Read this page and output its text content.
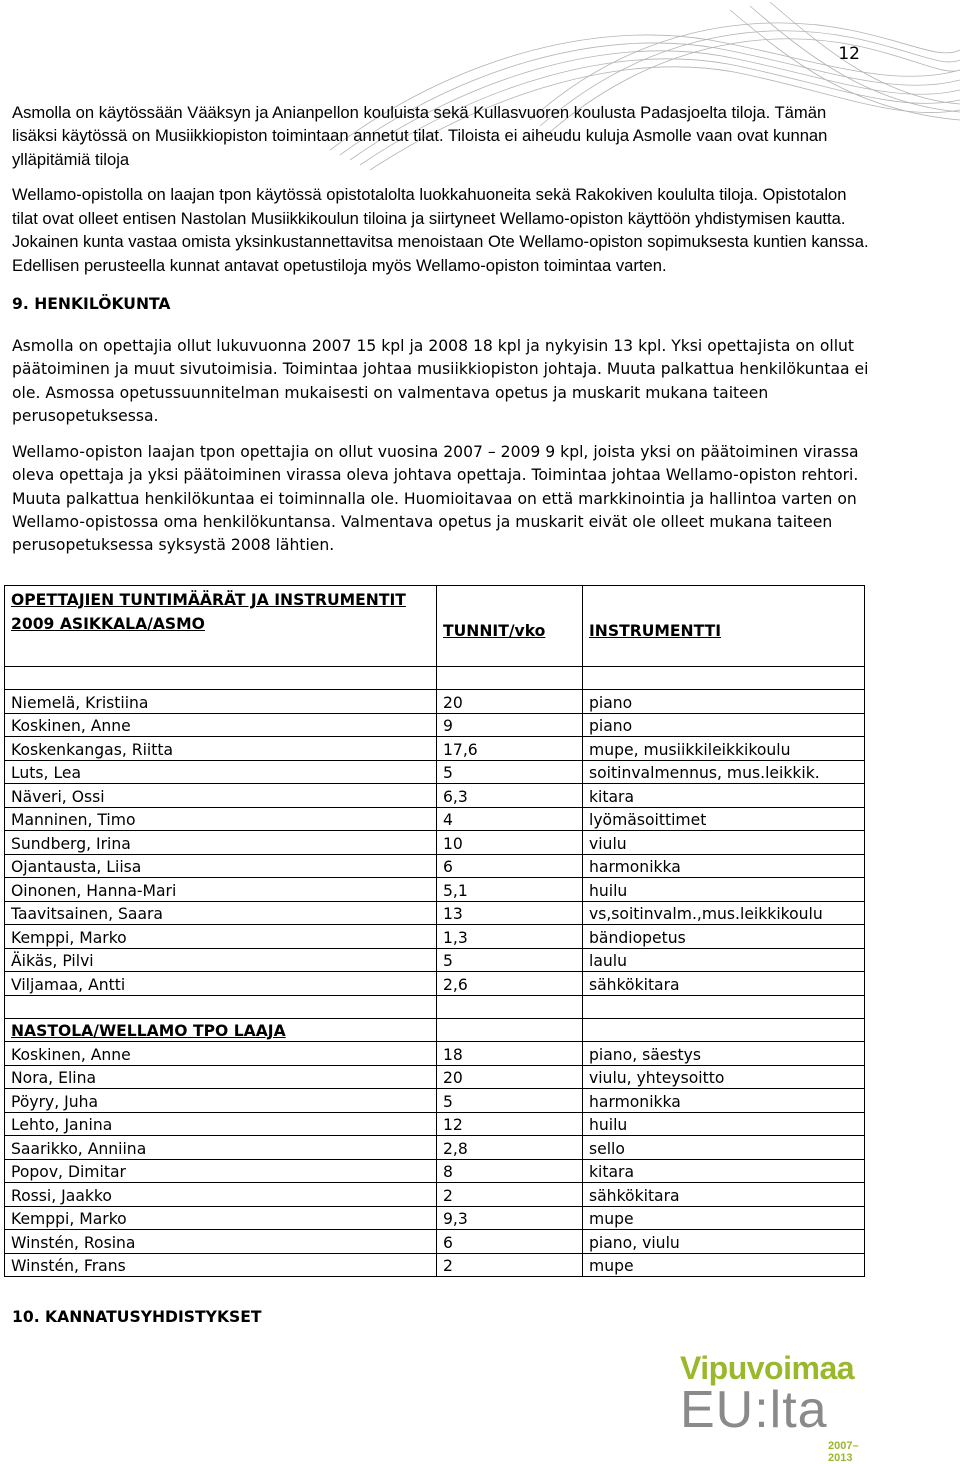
12

Asmolla on käytössään Vääksyn ja Anianpellon kouluista sekä Kullasvuoren koulusta Padasjoelta tiloja. Tämän lisäksi käytössä on Musiikkiopiston toimintaan annetut tilat. Tiloista ei aiheudu kuluja Asmolle vaan ovat kunnan ylläpitämiä tiloja

Wellamo-opistolla on laajan tpon käytössä opistotalolta luokkahuoneita sekä Rakokiven koululta tiloja. Opistotalon tilat ovat olleet entisen Nastolan Musiikkikoulun tiloina ja siirtyneet Wellamo-opiston käyttöön yhdistymisen kautta. Jokainen kunta vastaa omista yksinkustannettavitsa menoistaan Ote Wellamo-opiston sopimuksesta kuntien kanssa. Edellisen perusteella kunnat antavat opetustiloja myös Wellamo-opiston toimintaa varten.

9. HENKILÖKUNTA

Asmolla on opettajia ollut lukuvuonna 2007 15 kpl ja 2008 18 kpl ja nykyisin 13 kpl. Yksi opettajista on ollut päätoiminen ja muut sivutoimisia. Toimintaa johtaa musiikkiopiston johtaja. Muuta palkattua henkilökuntaa ei ole. Asmossa opetussuunnitelman mukaisesti on valmentava opetus ja muskarit mukana taiteen perusopetuksessa.

Wellamo-opiston laajan tpon opettajia on ollut vuosina 2007 – 2009 9 kpl, joista yksi on päätoiminen virassa oleva opettaja ja yksi päätoiminen virassa oleva johtava opettaja. Toimintaa johtaa Wellamo-opiston rehtori. Muuta palkattua henkilökuntaa ei toiminnalla ole. Huomioitavaa on että markkinointia ja hallintoa varten on Wellamo-opistossa oma henkilökuntansa. Valmentava opetus ja muskarit eivät ole olleet mukana taiteen perusopetuksessa syksystä 2008 lähtien.

OPETTAJIEN TUNTIMÄÄRÄT JA INSTRUMENTIT 2009 ASIKKALA/ASMO	TUNNIT/vko	INSTRUMENTTI

Niemelä, Kristiina	20	piano
Koskinen, Anne	9	piano
Koskenkangas, Riitta	17,6	mupe, musiikkileikkikoulu
Luts, Lea	5	soitinvalmennus, mus.leikkik.
Näveri, Ossi	6,3	kitara
Manninen, Timo	4	lyömäsoittimet
Sundberg, Irina	10	viulu
Ojantausta, Liisa	6	harmonikka
Oinonen, Hanna-Mari	5,1	huilu
Taavitsainen, Saara	13	vs,soitinvalm.,mus.leikkikoulu
Kemppi, Marko	1,3	bändiopetus
Äikäs, Pilvi	5	laulu
Viljamaa, Antti	2,6	sähkökitara

NASTOLA/WELLAMO TPO LAAJA		
Koskinen, Anne	18	piano, säestys
Nora, Elina	20	viulu, yhteysoitto
Pöyry, Juha	5	harmonikka
Lehto, Janina	12	huilu
Saarikko, Anniina	2,8	sello
Popov, Dimitar	8	kitara
Rossi, Jaakko	2	sähkökitara
Kemppi, Marko	9,3	mupe
Winstén, Rosina	6	piano, viulu
Winstén, Frans	2	mupe
10. KANNATUSYHDISTYKSET
Vipuvoimaa
EU:lta
2007–2013
